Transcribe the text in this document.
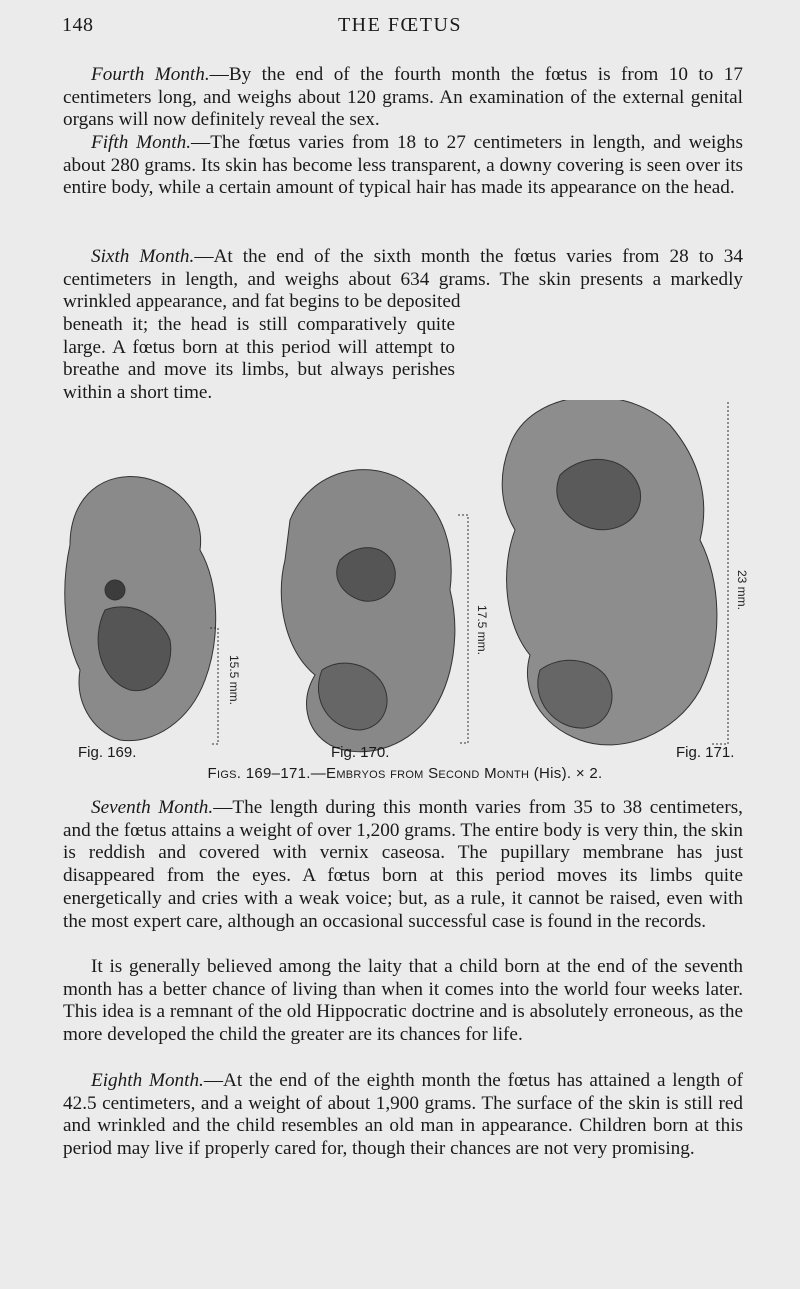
148	THE FŒTUS

Fourth Month.—By the end of the fourth month the fœtus is from 10 to 17 centimeters long, and weighs about 120 grams. An examination of the external genital organs will now definitely reveal the sex.

Fifth Month.—The fœtus varies from 18 to 27 centimeters in length, and weighs about 280 grams. Its skin has become less transparent, a downy covering is seen over its entire body, while a certain amount of typical hair has made its appearance on the head.

Sixth Month.—At the end of the sixth month the fœtus varies from 28 to 34 centimeters in length, and weighs about 634 grams. The skin presents a markedly wrinkled appearance, and fat begins to be deposited

beneath it; the head is still comparatively quite large. A fœtus born at this period will attempt to breathe and move its limbs, but always perishes within a short time.

15.5 mm.
17.5 mm.
23 mm.
Fig. 169.	Fig. 170.	Fig. 171.
Figs. 169–171.—Embryos from Second Month (His). × 2.

Seventh Month.—The length during this month varies from 35 to 38 centimeters, and the fœtus attains a weight of over 1,200 grams. The entire body is very thin, the skin is reddish and covered with vernix caseosa. The pupillary membrane has just disappeared from the eyes. A fœtus born at this period moves its limbs quite energetically and cries with a weak voice; but, as a rule, it cannot be raised, even with the most expert care, although an occasional successful case is found in the records.

It is generally believed among the laity that a child born at the end of the seventh month has a better chance of living than when it comes into the world four weeks later. This idea is a remnant of the old Hippocratic doctrine and is absolutely erroneous, as the more developed the child the greater are its chances for life.

Eighth Month.—At the end of the eighth month the fœtus has attained a length of 42.5 centimeters, and a weight of about 1,900 grams. The surface of the skin is still red and wrinkled and the child resembles an old man in appearance. Children born at this period may live if properly cared for, though their chances are not very promising.
